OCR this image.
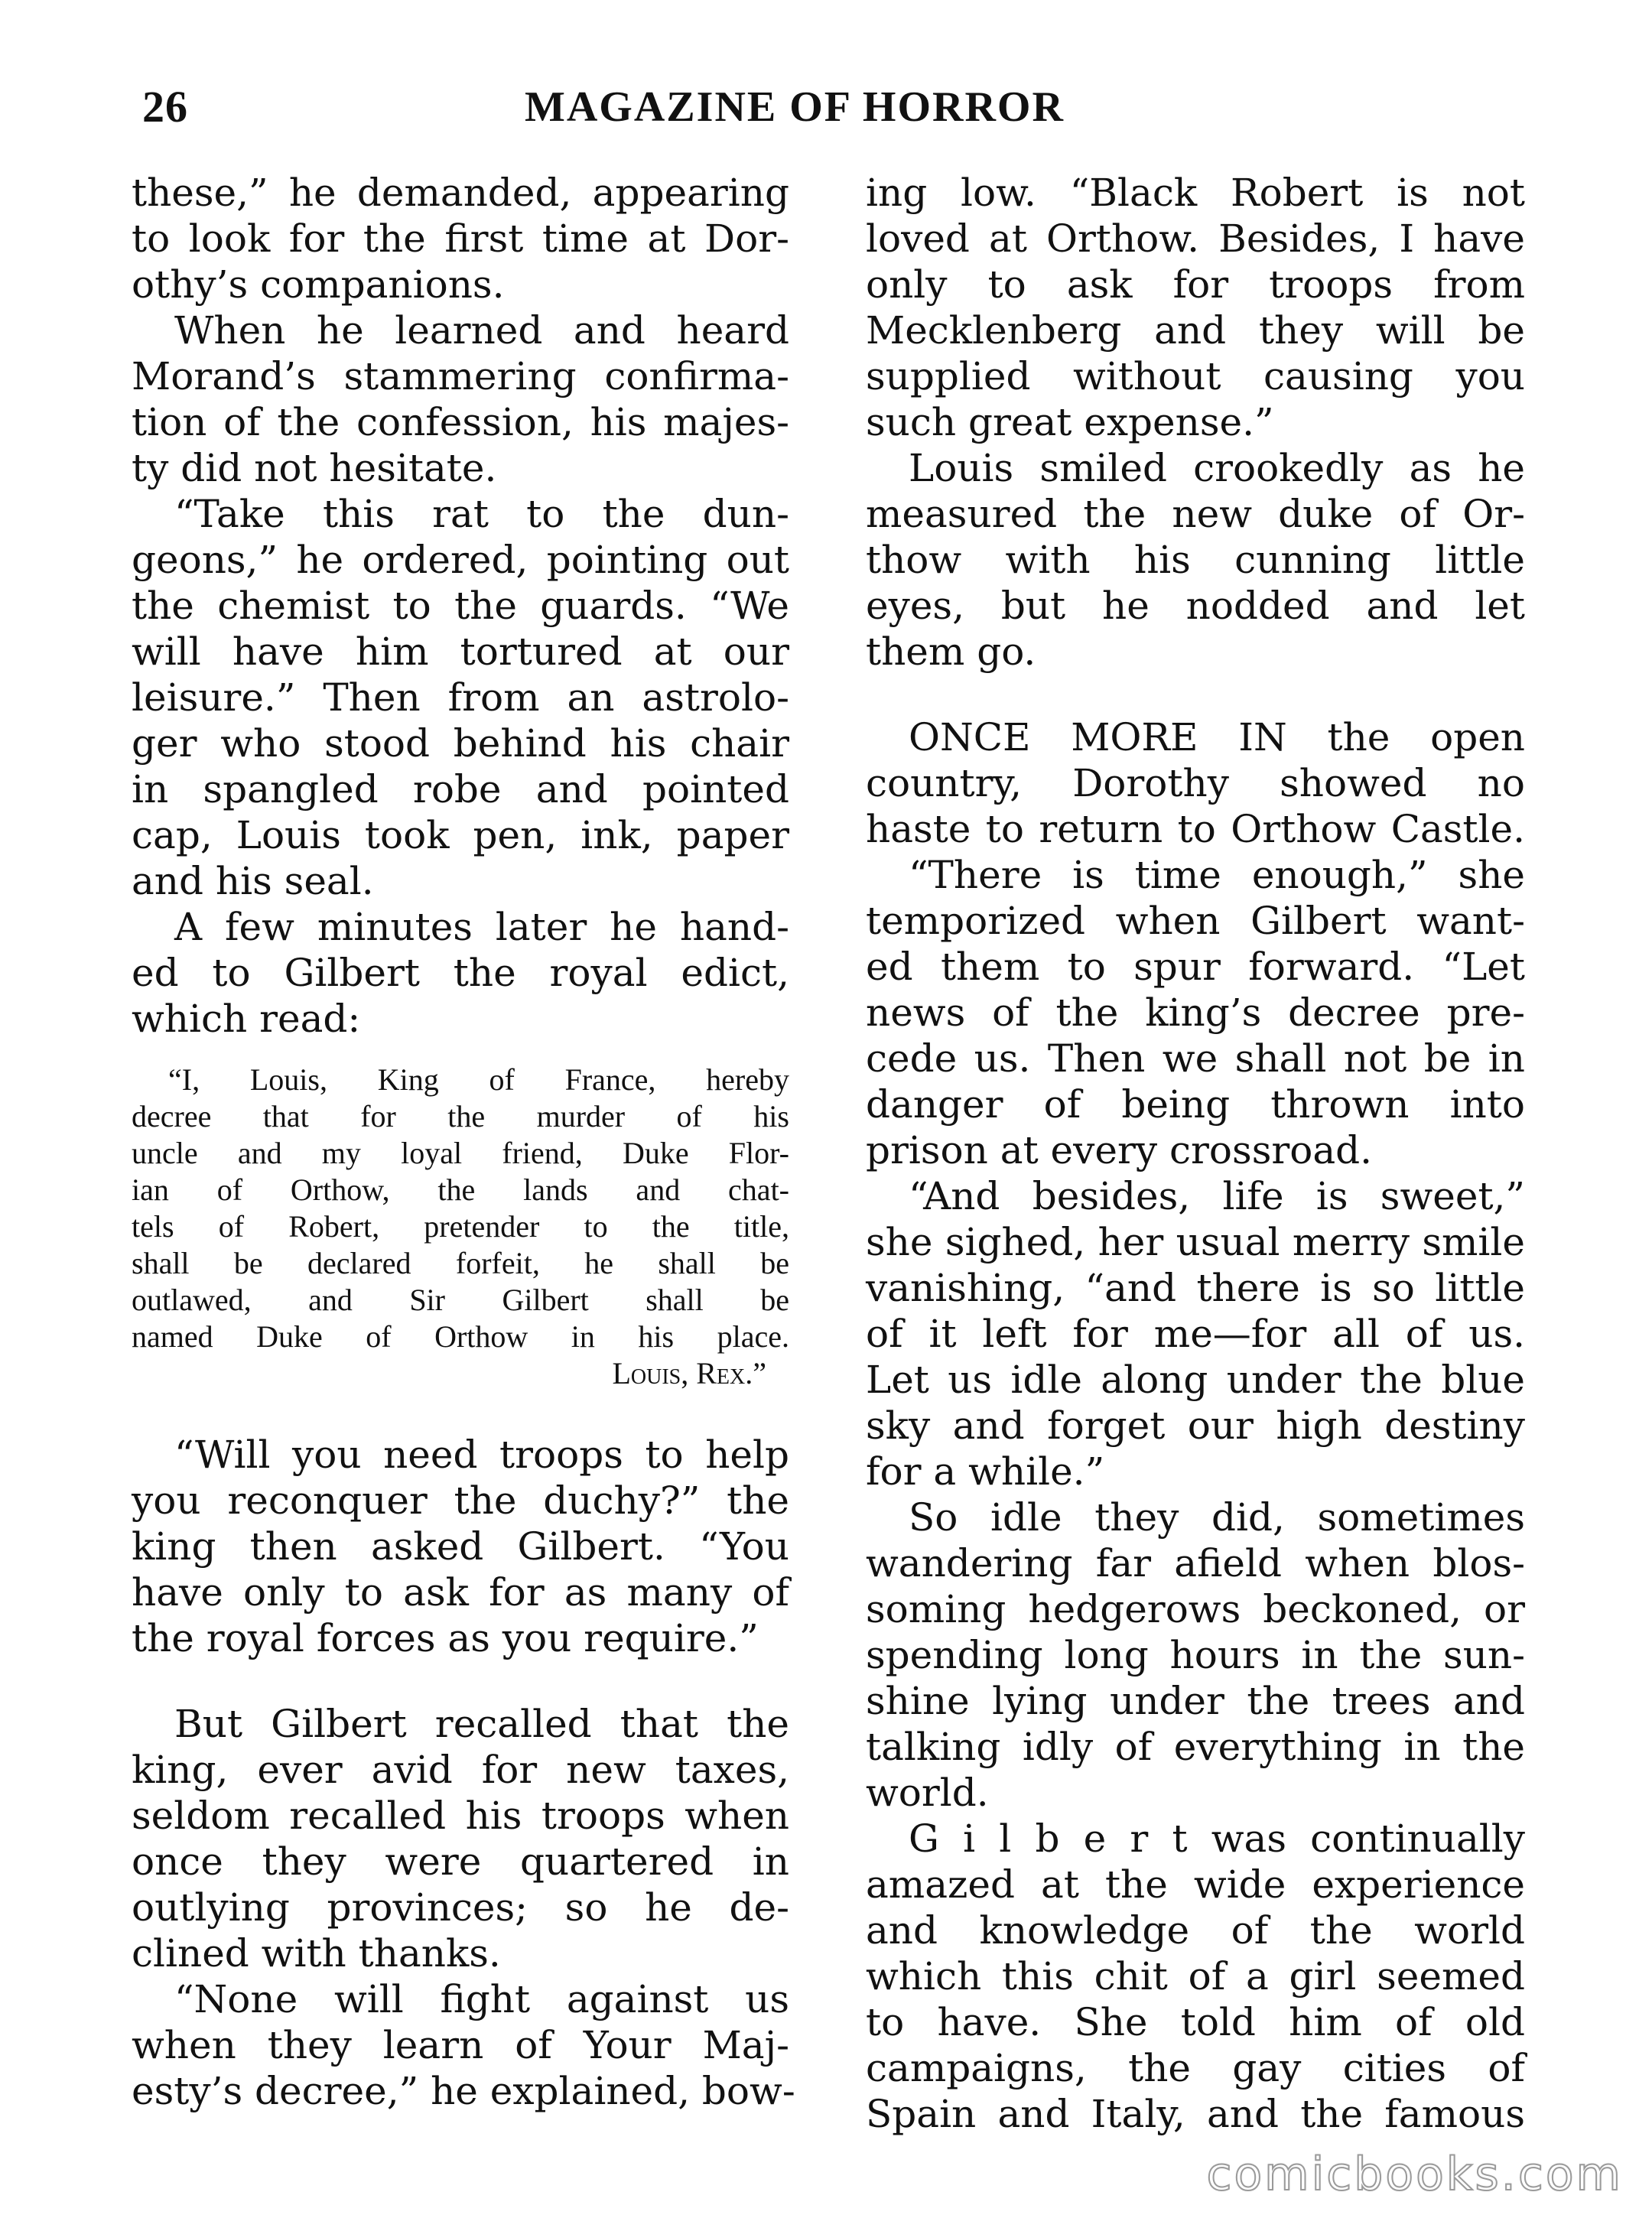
26	MAGAZINE OF HORROR
these,” he demanded, appearing
to look for the first time at Dor-
othy’s companions.
When he learned and heard
Morand’s stammering confirma-
tion of the confession, his majes-
ty did not hesitate.
“Take this rat to the dun-
geons,” he ordered, pointing out
the chemist to the guards. “We
will have him tortured at our
leisure.” Then from an astrolo-
ger who stood behind his chair
in spangled robe and pointed
cap, Louis took pen, ink, paper
and his seal.
A few minutes later he hand-
ed to Gilbert the royal edict,
which read:
“I, Louis, King of France, hereby
decree that for the murder of his
uncle and my loyal friend, Duke Flor-
ian of Orthow, the lands and chat-
tels of Robert, pretender to the title,
shall be declared forfeit, he shall be
outlawed, and Sir Gilbert shall be
named Duke of Orthow in his place.
Louis, Rex.”
“Will you need troops to help
you reconquer the duchy?” the
king then asked Gilbert. “You
have only to ask for as many of
the royal forces as you require.”
But Gilbert recalled that the
king, ever avid for new taxes,
seldom recalled his troops when
once they were quartered in
outlying provinces; so he de-
clined with thanks.
“None will fight against us
when they learn of Your Maj-
esty’s decree,” he explained, bow-
ing low. “Black Robert is not
loved at Orthow. Besides, I have
only to ask for troops from
Mecklenberg and they will be
supplied without causing you
such great expense.”
Louis smiled crookedly as he
measured the new duke of Or-
thow with his cunning little
eyes, but he nodded and let
them go.
ONCE MORE IN the open
country, Dorothy showed no
haste to return to Orthow Castle.
“There is time enough,” she
temporized when Gilbert want-
ed them to spur forward. “Let
news of the king’s decree pre-
cede us. Then we shall not be in
danger of being thrown into
prison at every crossroad.
“And besides, life is sweet,”
she sighed, her usual merry smile
vanishing, “and there is so little
of it left for me—for all of us.
Let us idle along under the blue
sky and forget our high destiny
for a while.”
So idle they did, sometimes
wandering far afield when blos-
soming hedgerows beckoned, or
spending long hours in the sun-
shine lying under the trees and
talking idly of everything in the
world.
G i l b e r t was continually
amazed at the wide experience
and knowledge of the world
which this chit of a girl seemed
to have. She told him of old
campaigns, the gay cities of
Spain and Italy, and the famous
comicbooks.com
